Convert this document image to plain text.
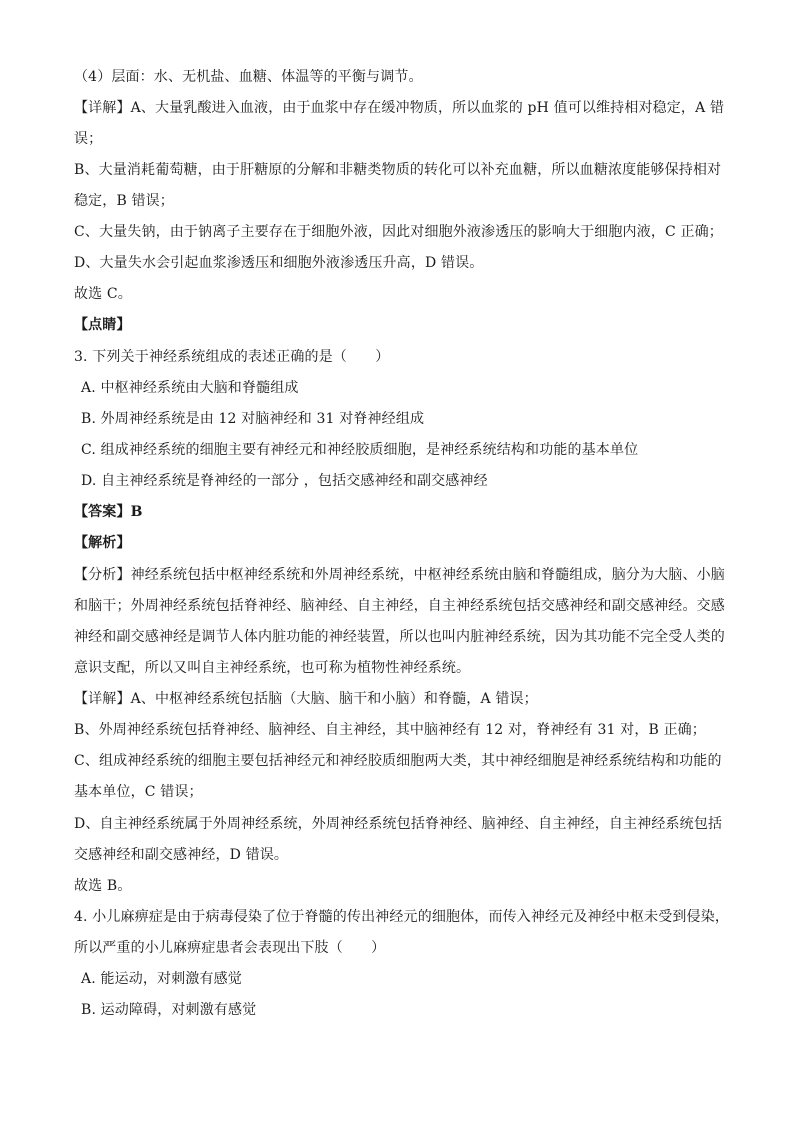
（4）层面：水、无机盐、血糖、体温等的平衡与调节。
【详解】A、大量乳酸进入血液，由于血浆中存在缓冲物质，所以血浆的 pH 值可以维持相对稳定，A 错
误；
B、大量消耗葡萄糖，由于肝糖原的分解和非糖类物质的转化可以补充血糖，所以血糖浓度能够保持相对
稳定，B 错误；
C、大量失钠，由于钠离子主要存在于细胞外液，因此对细胞外液渗透压的影响大于细胞内液，C 正确；
D、大量失水会引起血浆渗透压和细胞外液渗透压升高，D 错误。
故选 C。
【点睛】
3. 下列关于神经系统组成的表述正确的是（　　）
A. 中枢神经系统由大脑和脊髓组成
B. 外周神经系统是由 12 对脑神经和 31 对脊神经组成
C. 组成神经系统的细胞主要有神经元和神经胶质细胞，是神经系统结构和功能的基本单位
D. 自主神经系统是脊神经的一部分 ，包括交感神经和副交感神经
【答案】B
【解析】
【分析】神经系统包括中枢神经系统和外周神经系统，中枢神经系统由脑和脊髓组成，脑分为大脑、小脑
和脑干；外周神经系统包括脊神经、脑神经、自主神经，自主神经系统包括交感神经和副交感神经。交感
神经和副交感神经是调节人体内脏功能的神经装置，所以也叫内脏神经系统，因为其功能不完全受人类的
意识支配，所以又叫自主神经系统，也可称为植物性神经系统。
【详解】A、中枢神经系统包括脑（大脑、脑干和小脑）和脊髓，A 错误；
B、外周神经系统包括脊神经、脑神经、自主神经，其中脑神经有 12 对，脊神经有 31 对，B 正确；
C、组成神经系统的细胞主要包括神经元和神经胶质细胞两大类，其中神经细胞是神经系统结构和功能的
基本单位，C 错误；
D、自主神经系统属于外周神经系统，外周神经系统包括脊神经、脑神经、自主神经，自主神经系统包括
交感神经和副交感神经，D 错误。
故选 B。
4. 小儿麻痹症是由于病毒侵染了位于脊髓的传出神经元的细胞体，而传入神经元及神经中枢未受到侵染，
所以严重的小儿麻痹症患者会表现出下肢（　　）
A. 能运动，对刺激有感觉
B. 运动障碍，对刺激有感觉
